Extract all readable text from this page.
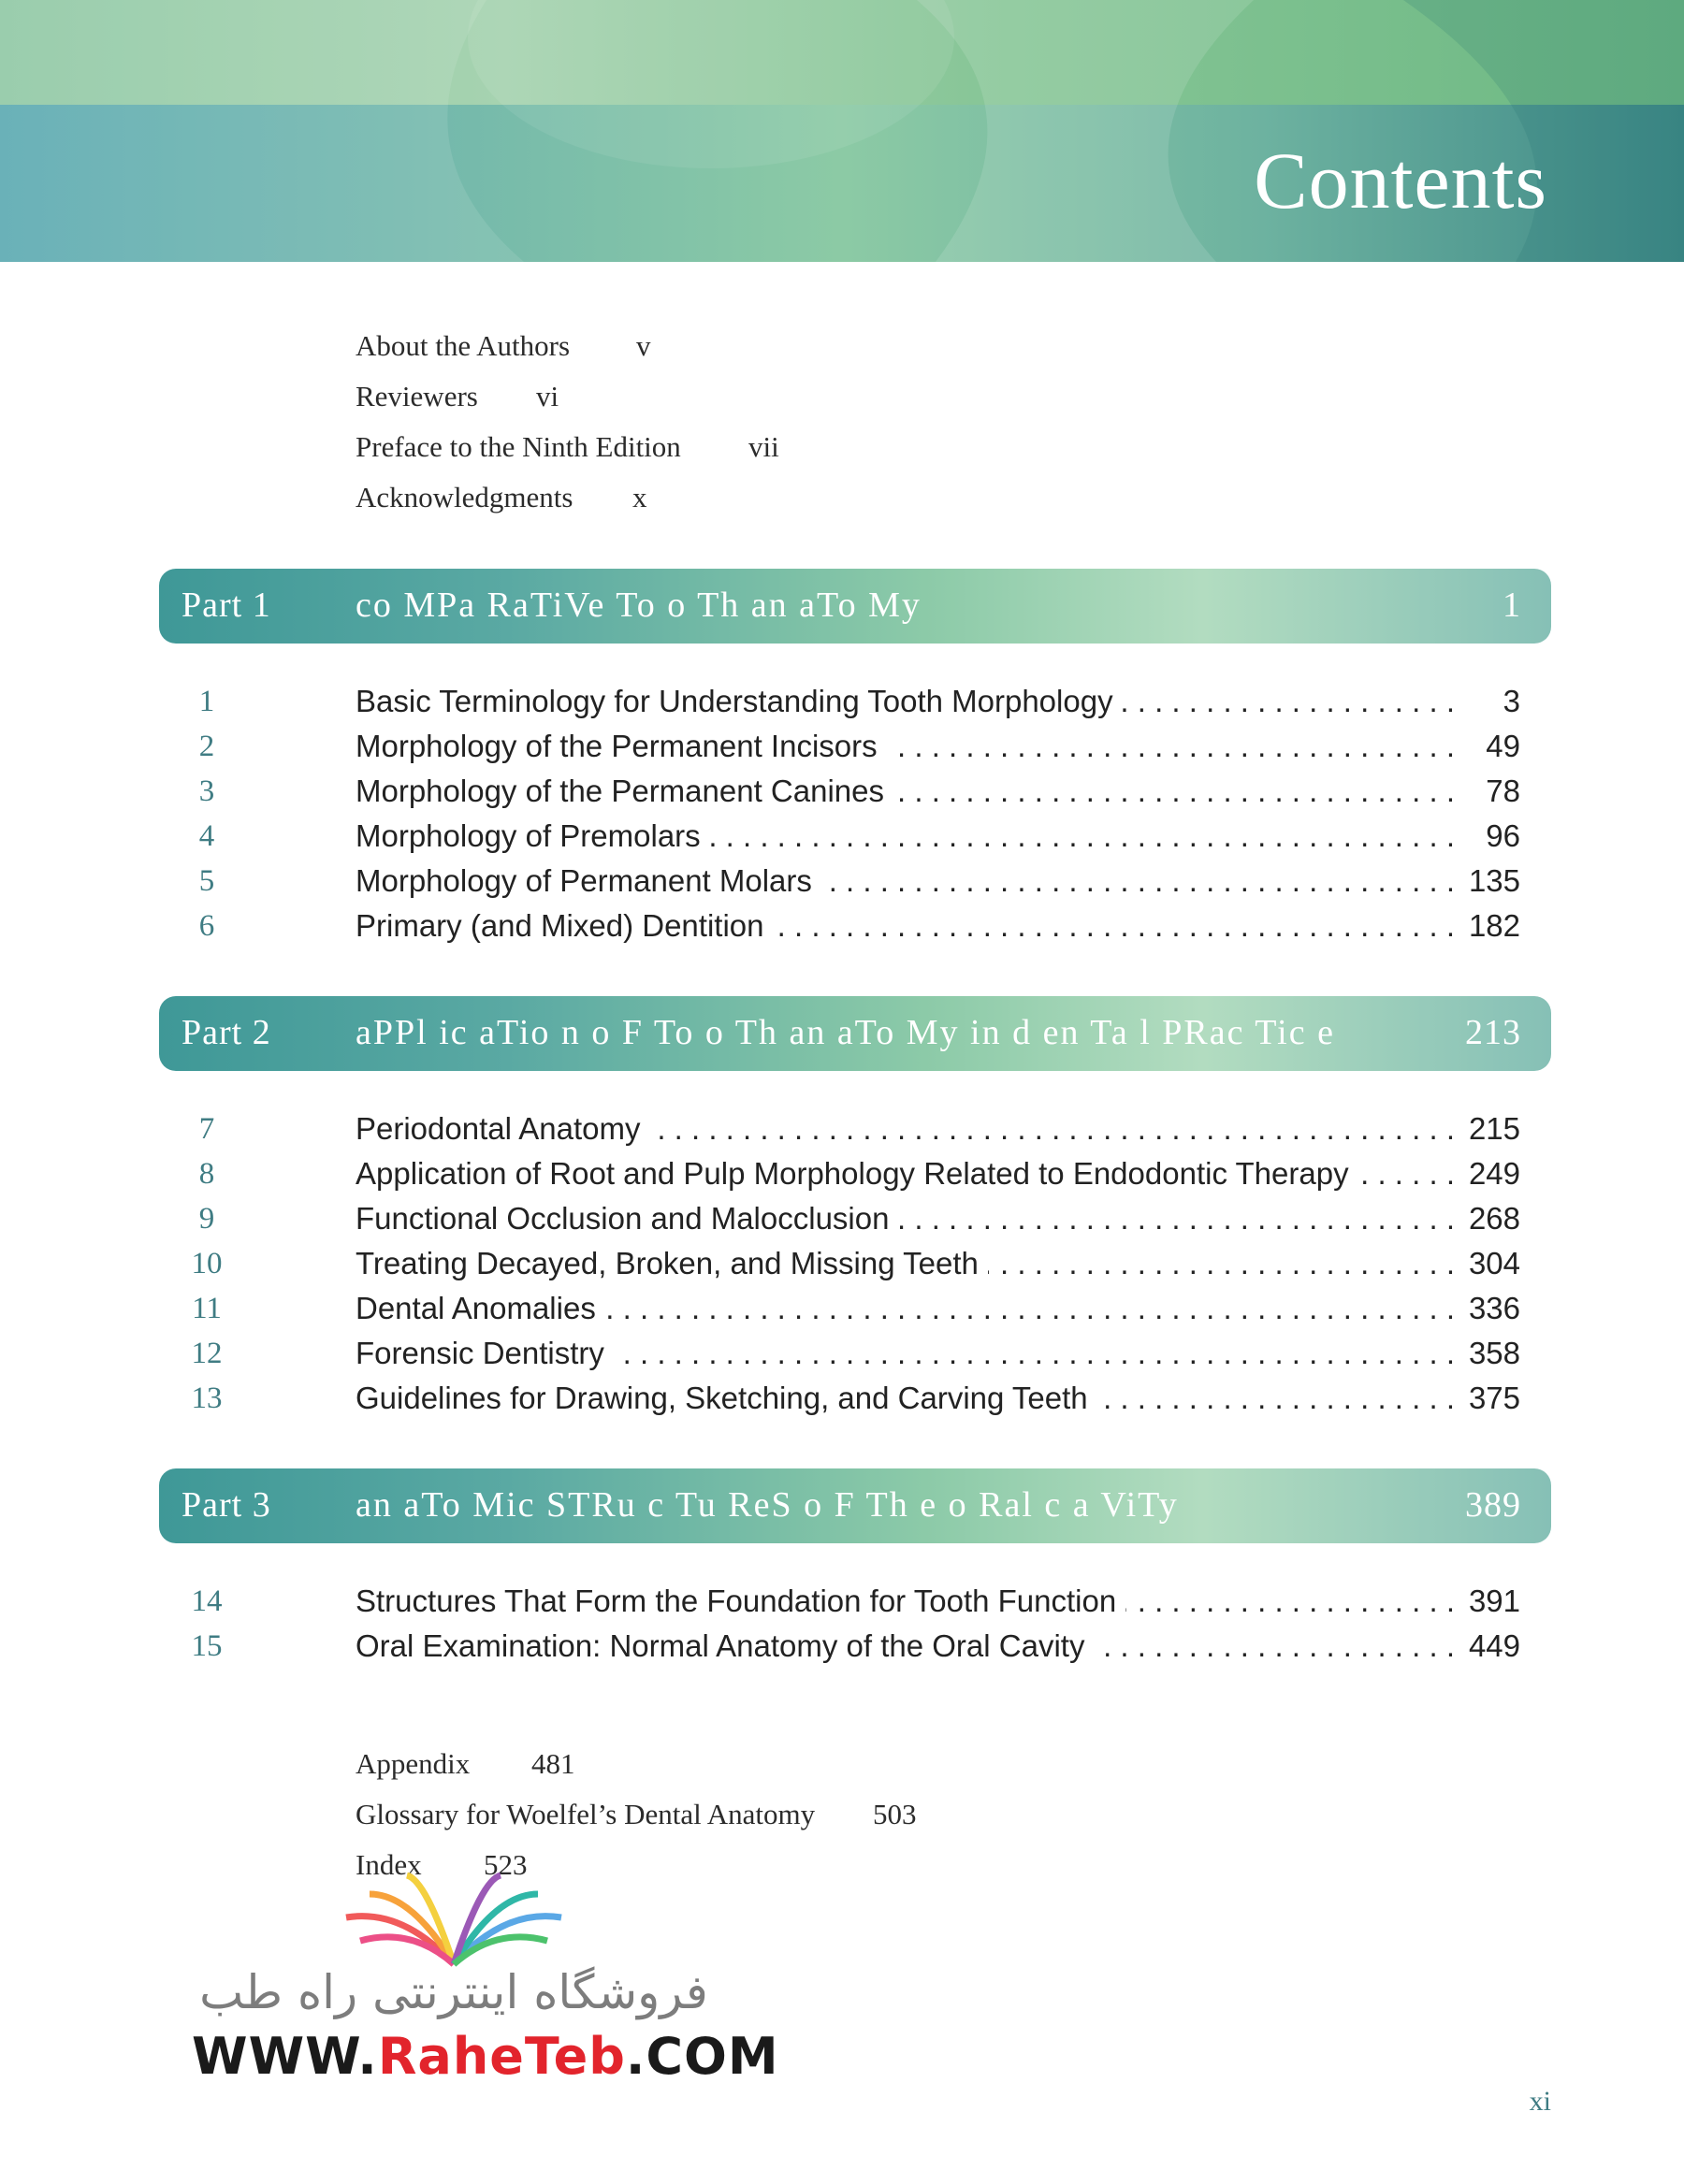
Contents
About the Authors v
Reviewers vi
Preface to the Ninth Edition vii
Acknowledgments x
Part 1 co MPa RaTiVe To o Th an aTo My	1
1	Basic Terminology for Understanding Tooth Morphology . . .	3
2	Morphology of the Permanent Incisors . . .	49
3	Morphology of the Permanent Canines . . .	78
4	Morphology of Premolars . . .	96
5	Morphology of Permanent Molars . . .	135
6	Primary (and Mixed) Dentition . . .	182
Part 2 aPPl ic aTio n o F To o Th an aTo My in d en Ta l PRac Tic e	213
7	Periodontal Anatomy . . .	215
8	Application of Root and Pulp Morphology Related to Endodontic Therapy . . .	249
9	Functional Occlusion and Malocclusion . . .	268
10	Treating Decayed, Broken, and Missing Teeth . . .	304
11	Dental Anomalies . . .	336
12	Forensic Dentistry . . .	358
13	Guidelines for Drawing, Sketching, and Carving Teeth . . .	375
Part 3 an aTo Mic STRu c Tu ReS o F Th e o Ral c a ViTy	389
14	Structures That Form the Foundation for Tooth Function . . .	391
15	Oral Examination: Normal Anatomy of the Oral Cavity . . .	449
Appendix 481
Glossary for Woelfel’s Dental Anatomy 503
Index 523
فروشگاه اینترنتی راه طب
WWW.RaheTeb.COM
xi
